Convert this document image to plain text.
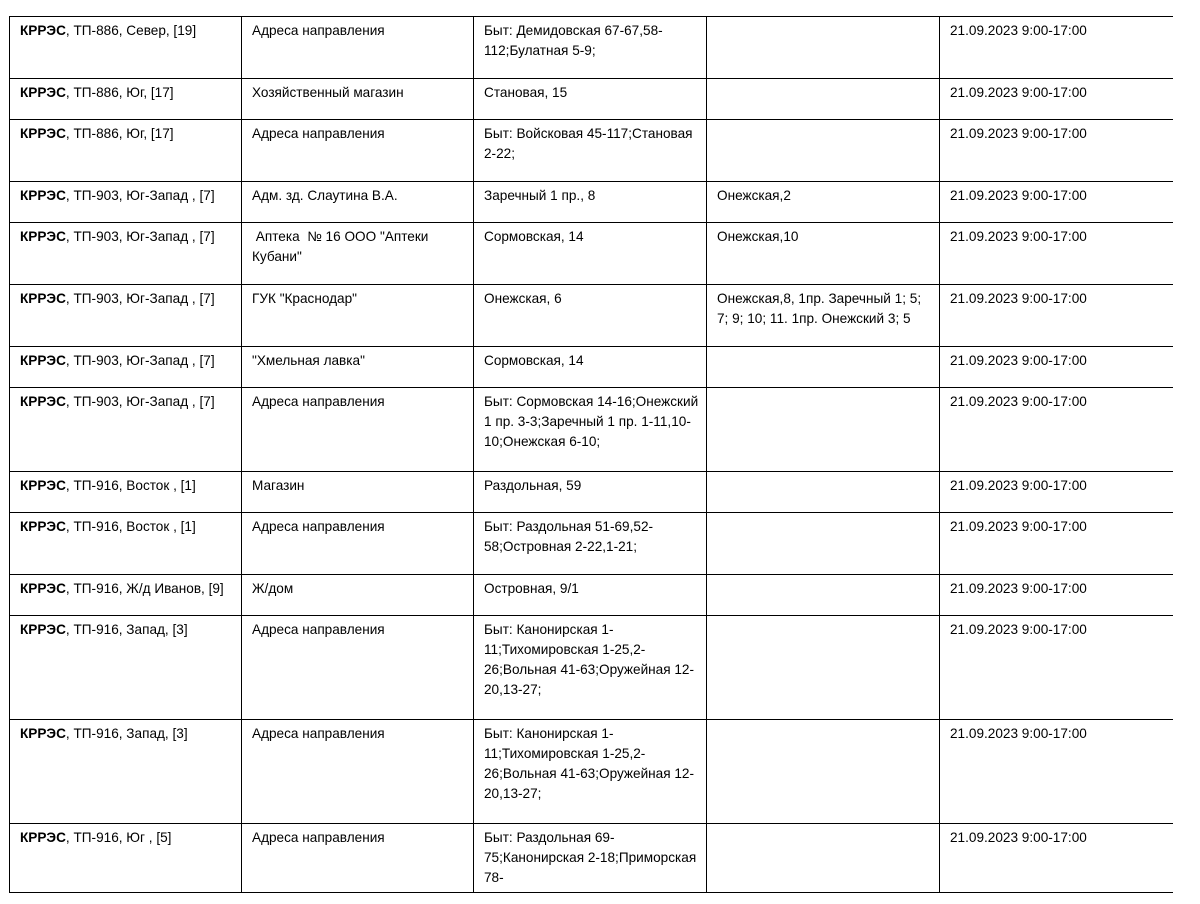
КРРЭС, ТП-886, Север, [19]	Адреса направления	Быт: Демидовская 67-67,58-112;Булатная 5-9;		21.09.2023 9:00-17:00
КРРЭС, ТП-886, Юг, [17]	Хозяйственный магазин	Становая, 15		21.09.2023 9:00-17:00
КРРЭС, ТП-886, Юг, [17]	Адреса направления	Быт: Войсковая 45-117;Становая 2-22;		21.09.2023 9:00-17:00
КРРЭС, ТП-903, Юг-Запад , [7]	Адм. зд. Слаутина В.А.	Заречный 1 пр., 8	Онежская,2	21.09.2023 9:00-17:00
КРРЭС, ТП-903, Юг-Запад , [7]	Аптека  № 16 ООО "Аптеки Кубани"	Сормовская, 14	Онежская,10	21.09.2023 9:00-17:00
КРРЭС, ТП-903, Юг-Запад , [7]	ГУК "Краснодар"	Онежская, 6	Онежская,8, 1пр. Заречный 1; 5; 7; 9; 10; 11. 1пр. Онежский 3; 5	21.09.2023 9:00-17:00
КРРЭС, ТП-903, Юг-Запад , [7]	"Хмельная лавка"	Сормовская, 14		21.09.2023 9:00-17:00
КРРЭС, ТП-903, Юг-Запад , [7]	Адреса направления	Быт: Сормовская 14-16;Онежский 1 пр. 3-3;Заречный 1 пр. 1-11,10-10;Онежская 6-10;		21.09.2023 9:00-17:00
КРРЭС, ТП-916, Восток , [1]	Магазин	Раздольная, 59		21.09.2023 9:00-17:00
КРРЭС, ТП-916, Восток , [1]	Адреса направления	Быт: Раздольная 51-69,52-58;Островная 2-22,1-21;		21.09.2023 9:00-17:00
КРРЭС, ТП-916, Ж/д Иванов, [9]	Ж/дом	Островная, 9/1		21.09.2023 9:00-17:00
КРРЭС, ТП-916, Запад, [3]	Адреса направления	Быт: Канонирская 1-11;Тихомировская 1-25,2-26;Вольная 41-63;Оружейная 12-20,13-27;		21.09.2023 9:00-17:00
КРРЭС, ТП-916, Запад, [3]	Адреса направления	Быт: Канонирская 1-11;Тихомировская 1-25,2-26;Вольная 41-63;Оружейная 12-20,13-27;		21.09.2023 9:00-17:00
КРРЭС, ТП-916, Юг , [5]	Адреса направления	Быт: Раздольная 69-75;Канонирская 2-18;Приморская 78-		21.09.2023 9:00-17:00
